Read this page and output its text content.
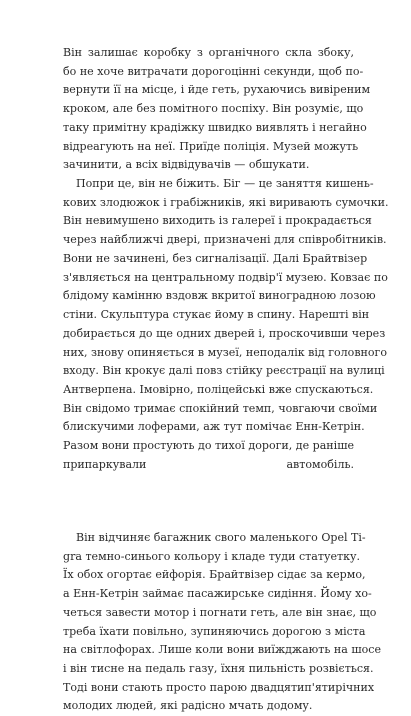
Він залишає коробку з органічного скла збоку,
бо не хоче витрачати дорогоцінні секунди, щоб по-
вернути її на місце, і йде геть, рухаючись вивіреним
кроком, але без помітного поспіху. Він розуміє, що
таку примітну крадіжку швидко виявлять і негайно
відреагують на неї. Приїде поліція. Музей можуть
зачинити, а всіх відвідувачів — обшукати.
Попри це, він не біжить. Біг — це заняття кишень-
кових злодюжок і грабіжників, які виривають сумочки.
Він невимушено виходить із галереї і прокрадається
через найближчі двері, призначені для співробітників.
Вони не зачинені, без сигналізації. Далі Брайтвізер
з'являється на центральному подвір'ї музею. Ковзає по
блідому камінню вздовж вкритої виноградною лозою
стіни. Скульптура стукає йому в спину. Нарешті він
добирається до ще одних дверей і, проскочивши через
них, знову опиняється в музеї, неподалік від головного
входу. Він крокує далі повз стійку реєстрації на вулиці
Антверпена. Імовірно, поліцейські вже спускаються.
Він свідомо тримає спокійний темп, човгаючи своїми
блискучими лоферами, аж тут помічає Енн-Кетрін.
Разом вони простують до тихої дороги, де раніше
припаркували автомобіль.
Він відчиняє багажник свого маленького Opel Ti-
gra темно-синього кольору і кладе туди статуетку.
Їх обох огортає ейфорія. Брайтвізер сідає за кермо,
а Енн-Кетрін займає пасажирське сидіння. Йому хо-
четься завести мотор і погнати геть, але він знає, що
треба їхати повільно, зупиняючись дорогою з міста
на світлофорах. Лише коли вони виїжджають на шосе
і він тисне на педаль газу, їхня пильність розвіється.
Тоді вони стають просто парою двадцятип'ятирічних
молодих людей, які радісно мчать додому.
